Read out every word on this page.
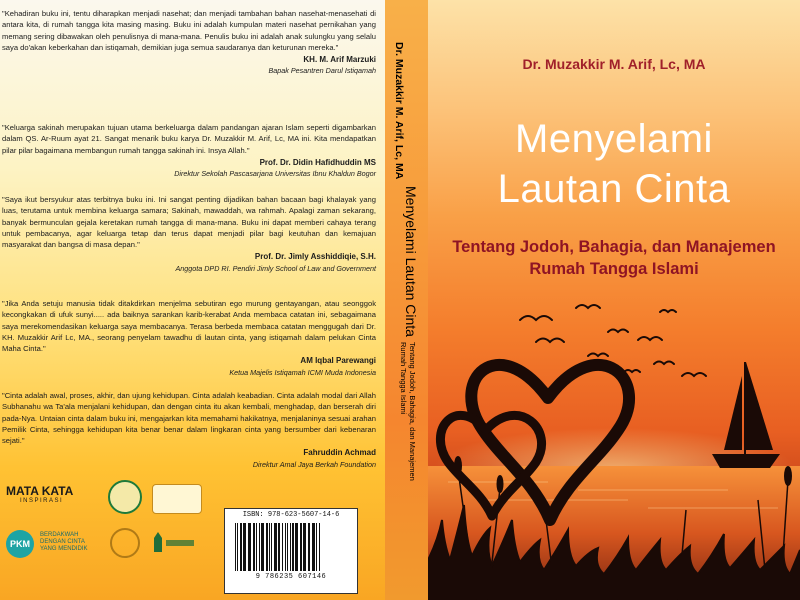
"Kehadiran buku ini, tentu diharapkan menjadi nasehat; dan menjadi tambahan bahan nasehat-menasehati di antara kita, di rumah tangga kita masing masing. Buku ini adalah kumpulan materi nasehat pernikahan yang memang sering dibawakan oleh penulisnya di mana-mana. Penulis buku ini adalah anak sulungku yang selalu saya do'akan keberkahan dan istiqamah, demikian juga semua saudaranya dan keturunan mereka."

KH. M. Arif Marzuki
Bapak Pesantren Darul Istiqamah

"Keluarga sakinah merupakan tujuan utama berkeluarga dalam pandangan ajaran Islam seperti digambarkan dalam QS. Ar-Ruum ayat 21. Sangat menarik buku karya Dr. Muzakkir M. Arif, Lc, MA ini. Kita mendapatkan pilar pilar bagaimana membangun rumah tangga sakinah ini. Insya Allah."

Prof. Dr. Didin Hafidhuddin MS
Direktur Sekolah Pascasarjana Universitas Ibnu Khaldun Bogor

"Saya ikut bersyukur atas terbitnya buku ini. Ini sangat penting dijadikan bahan bacaan bagi khalayak yang luas, terutama untuk membina keluarga samara; Sakinah, mawaddah, wa rahmah. Apalagi zaman sekarang, banyak bermunculan gejala keretakan rumah tangga di mana-mana. Buku ini dapat memberi cahaya terang untuk pembacanya, agar keluarga tetap dan terus dapat menjadi pilar bagi keutuhan dan kemajuan masyarakat dan bangsa di masa depan."

Prof. Dr. Jimly Asshiddiqie, S.H.
Anggota DPD RI. Pendiri Jimly School of Law and Government

"Jika Anda setuju manusia tidak ditakdirkan menjelma sebutiran ego murung gentayangan, atau seonggok kecongkakan di ufuk sunyi..... ada baiknya sarankan karib-kerabat Anda membaca catatan ini, sebagaimana saya merekomendasikan keluarga saya membacanya. Terasa berbeda membaca catatan menggugah dari Dr. KH. Muzakkir Arif Lc, MA., seorang penyelam tawadhu di lautan cinta, yang istiqamah dalam pelukan Cinta Maha Cinta."

AM Iqbal Parewangi
Ketua Majelis Istiqamah ICMI Muda Indonesia

"Cinta adalah awal, proses, akhir, dan ujung kehidupan. Cinta adalah keabadian. Cinta adalah modal dari Allah Subhanahu wa Ta'ala menjalani kehidupan, dan dengan cinta itu akan kembali, menghadap, dan berserah diri pada-Nya. Untaian cinta dalam buku ini, mengajarkan kita memahami hakikatnya, menjalaninya sesuai arahan Pemilik Cinta, sehingga kehidupan kita benar benar dalam lingkaran cinta yang bersumber dari kebenaran sejati."

Fahruddin Achmad
Direktur Amal Jaya Berkah Foundation
MATA KATA
INSPIRASI
PKM
BERDAKWAH
DENGAN CINTA
YANG MENDIDIK
ISBN: 978-623-5607-14-6
9 786235 607146
Dr. Muzakkir M. Arif, Lc, MA
Menyelami Lautan Cinta
Tentang Jodoh, Bahagia, dan Manajemen
Rumah Tangga Islami
Dr. Muzakkir M. Arif, Lc, MA
Menyelami
Lautan Cinta
Tentang Jodoh, Bahagia, dan Manajemen
Rumah Tangga Islami
